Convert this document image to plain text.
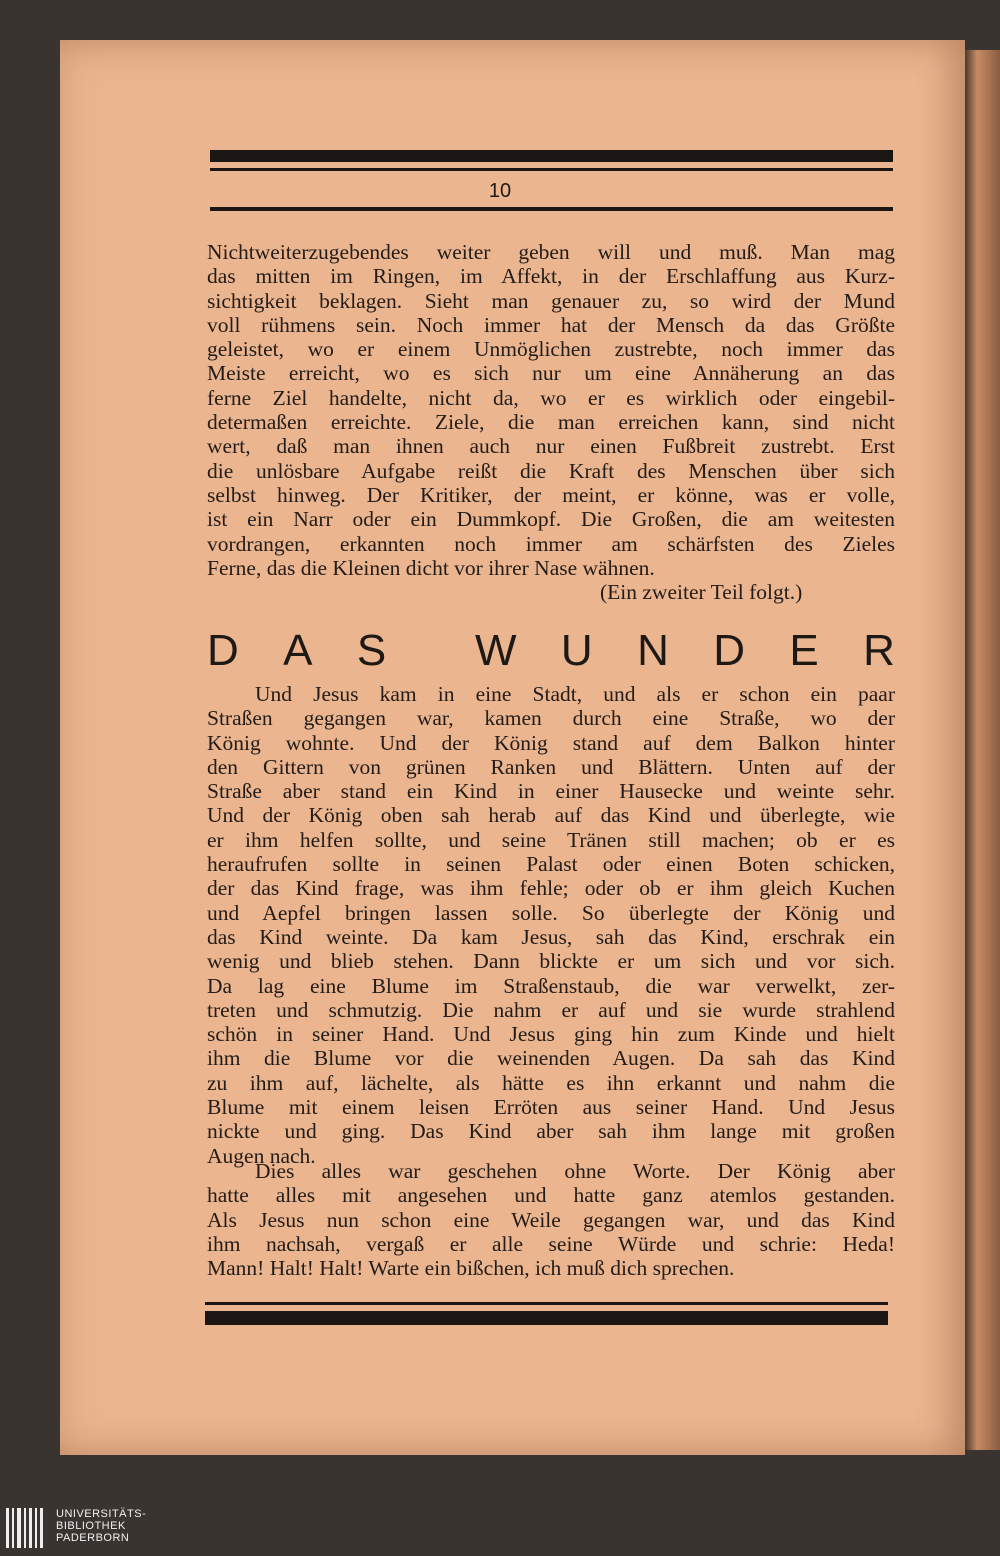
10
Nichtweiterzugebendes weiter geben will und muß. Man mag
das mitten im Ringen, im Affekt, in der Erschlaffung aus Kurz-
sichtigkeit beklagen. Sieht man genauer zu, so wird der Mund
voll rühmens sein. Noch immer hat der Mensch da das Größte
geleistet, wo er einem Unmöglichen zustrebte, noch immer das
Meiste erreicht, wo es sich nur um eine Annäherung an das
ferne Ziel handelte, nicht da, wo er es wirklich oder eingebil-
determaßen erreichte. Ziele, die man erreichen kann, sind nicht
wert, daß man ihnen auch nur einen Fußbreit zustrebt. Erst
die unlösbare Aufgabe reißt die Kraft des Menschen über sich
selbst hinweg. Der Kritiker, der meint, er könne, was er volle,
ist ein Narr oder ein Dummkopf. Die Großen, die am weitesten
vordrangen, erkannten noch immer am schärfsten des Zieles
Ferne, das die Kleinen dicht vor ihrer Nase wähnen.
(Ein zweiter Teil folgt.)
D A S W U N D E R
Und Jesus kam in eine Stadt, und als er schon ein paar
Straßen gegangen war, kamen durch eine Straße, wo der
König wohnte. Und der König stand auf dem Balkon hinter
den Gittern von grünen Ranken und Blättern. Unten auf der
Straße aber stand ein Kind in einer Hausecke und weinte sehr.
Und der König oben sah herab auf das Kind und überlegte, wie
er ihm helfen sollte, und seine Tränen still machen; ob er es
heraufrufen sollte in seinen Palast oder einen Boten schicken,
der das Kind frage, was ihm fehle; oder ob er ihm gleich Kuchen
und Aepfel bringen lassen solle. So überlegte der König und
das Kind weinte. Da kam Jesus, sah das Kind, erschrak ein
wenig und blieb stehen. Dann blickte er um sich und vor sich.
Da lag eine Blume im Straßenstaub, die war verwelkt, zer-
treten und schmutzig. Die nahm er auf und sie wurde strahlend
schön in seiner Hand. Und Jesus ging hin zum Kinde und hielt
ihm die Blume vor die weinenden Augen. Da sah das Kind
zu ihm auf, lächelte, als hätte es ihn erkannt und nahm die
Blume mit einem leisen Erröten aus seiner Hand. Und Jesus
nickte und ging. Das Kind aber sah ihm lange mit großen
Augen nach.
Dies alles war geschehen ohne Worte. Der König aber
hatte alles mit angesehen und hatte ganz atemlos gestanden.
Als Jesus nun schon eine Weile gegangen war, und das Kind
ihm nachsah, vergaß er alle seine Würde und schrie: Heda!
Mann! Halt! Halt! Warte ein bißchen, ich muß dich sprechen.
UNIVERSITÄTS-
BIBLIOTHEK
PADERBORN
